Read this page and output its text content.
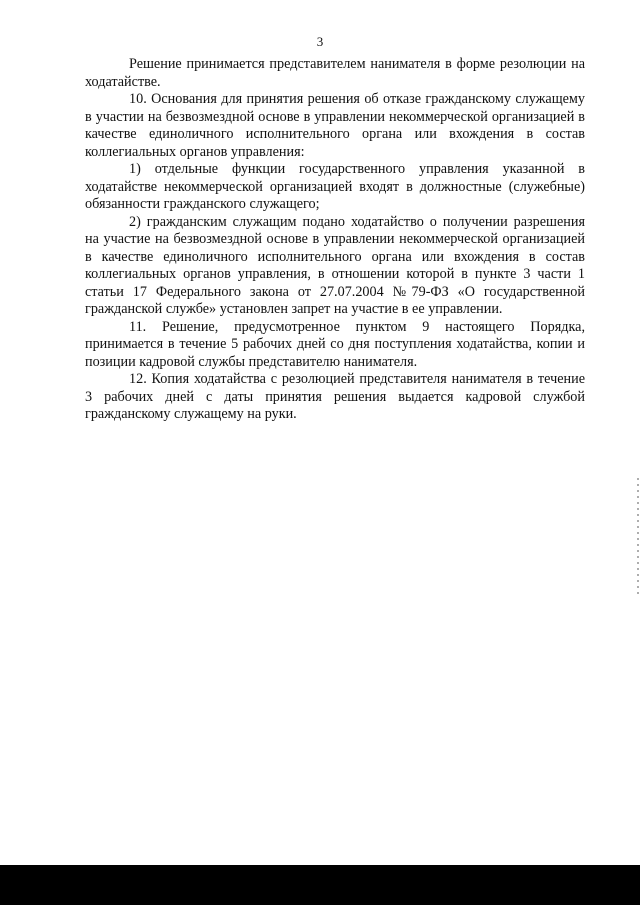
3

Решение принимается представителем нанимателя в форме резолюции на ходатайстве.

10. Основания для принятия решения об отказе гражданскому служащему в участии на безвозмездной основе в управлении некоммерческой организацией в качестве единоличного исполнительного органа или вхождения в состав коллегиальных органов управления:

1) отдельные функции государственного управления указанной в ходатайстве некоммерческой организацией входят в должностные (служебные) обязанности гражданского служащего;

2) гражданским служащим подано ходатайство о получении разрешения на участие на безвозмездной основе в управлении некоммерческой организацией в качестве единоличного исполнительного органа или вхождения в состав коллегиальных органов управления, в отношении которой в пункте 3 части 1 статьи 17 Федерального закона от 27.07.2004 №79-ФЗ «О государственной гражданской службе» установлен запрет на участие в ее управлении.

11. Решение, предусмотренное пунктом 9 настоящего Порядка, принимается в течение 5 рабочих дней со дня поступления ходатайства, копии и позиции кадровой службы представителю нанимателя.

12. Копия ходатайства с резолюцией представителя нанимателя в течение 3 рабочих дней с даты принятия решения выдается кадровой службой гражданскому служащему на руки.
